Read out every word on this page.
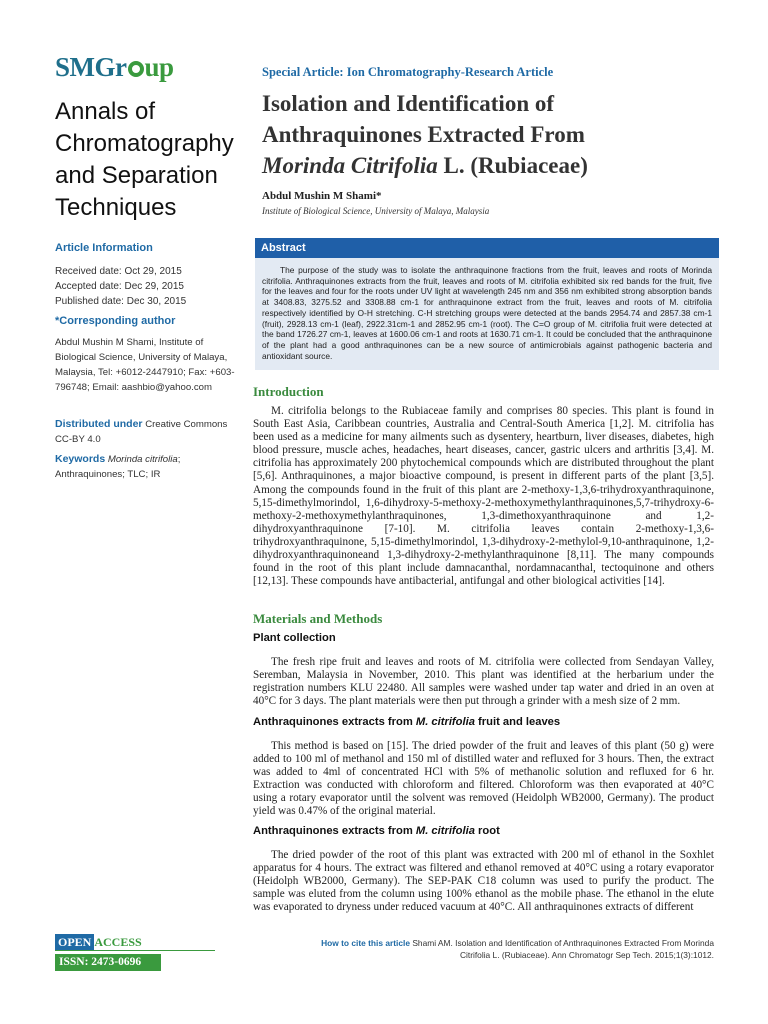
SMGr up
Annals of Chromatography and Separation Techniques
Article Information
Received date: Oct 29, 2015
Accepted date: Dec 29, 2015
Published date: Dec 30, 2015
*Corresponding author
Abdul Mushin M Shami, Institute of Biological Science, University of Malaya, Malaysia, Tel: +6012-2447910; Fax: +603-796748; Email: aashbio@yahoo.com
Distributed under Creative Commons CC-BY 4.0
Keywords Morinda citrifolia; Anthraquinones; TLC; IR
Special Article: Ion Chromatography-Research Article
Isolation and Identification of
Anthraquinones Extracted From
Morinda Citrifolia L. (Rubiaceae)
Abdul Mushin M Shami*
Institute of Biological Science, University of Malaya, Malaysia
Abstract
The purpose of the study was to isolate the anthraquinone fractions from the fruit, leaves and roots of Morinda citrifolia. Anthraquinones extracts from the fruit, leaves and roots of M. citrifolia exhibited six red bands for the fruit, five for the leaves and four for the roots under UV light at wavelength 245 nm and 356 nm exhibited strong absorption bands at 3408.83, 3275.52 and 3308.88 cm-1 for anthraquinone extract from the fruit, leaves and roots of M. citrifolia respectively identified by O-H stretching. C-H stretching groups were detected at the bands 2954.74 and 2857.38 cm-1 (fruit), 2928.13 cm-1 (leaf), 2922.31cm-1 and 2852.95 cm-1 (root). The C=O group of M. citrifolia fruit were detected at the band 1726.27 cm-1, leaves at 1600.06 cm-1 and roots at 1630.71 cm-1. It could be concluded that the anthraquinone of the plant had a good anthraquinones can be a new source of antimicrobials against pathogenic bacteria and antioxidant source.
Introduction
M. citrifolia belongs to the Rubiaceae family and comprises 80 species. This plant is found in South East Asia, Caribbean countries, Australia and Central-South America [1,2]. M. citrifolia has been used as a medicine for many ailments such as dysentery, heartburn, liver diseases, diabetes, high blood pressure, muscle aches, headaches, heart diseases, cancer, gastric ulcers and arthritis [3,4]. M. citrifolia has approximately 200 phytochemical compounds which are distributed throughout the plant [5,6]. Anthraquinones, a major bioactive compound, is present in different parts of the plant [3,5]. Among the compounds found in the fruit of this plant are 2-methoxy-1,3,6-trihydroxyanthraquinone, 5,15-dimethylmorindol, 1,6-dihydroxy-5-methoxy-2-methoxymethylanthraquinones,5,7-trihydroxy-6-methoxy-2-methoxymethylanthraquinones, 1,3-dimethoxyanthraquinone and 1,2-dihydroxyanthraquinone [7-10]. M. citrifolia leaves contain 2-methoxy-1,3,6-trihydroxyanthraquinone, 5,15-dimethylmorindol, 1,3-dihydroxy-2-methylol-9,10-anthraquinone, 1,2-dihydroxyanthraquinoneand 1,3-dihydroxy-2-methylanthraquinone [8,11]. The many compounds found in the root of this plant include damnacanthal, nordamnacanthal, tectoquinone and others [12,13]. These compounds have antibacterial, antifungal and other biological activities [14].
Materials and Methods
Plant collection
The fresh ripe fruit and leaves and roots of M. citrifolia were collected from Sendayan Valley, Seremban, Malaysia in November, 2010. This plant was identified at the herbarium under the registration numbers KLU 22480. All samples were washed under tap water and dried in an oven at 40°C for 3 days. The plant materials were then put through a grinder with a mesh size of 2 mm.
Anthraquinones extracts from M. citrifolia fruit and leaves
This method is based on [15]. The dried powder of the fruit and leaves of this plant (50 g) were added to 100 ml of methanol and 150 ml of distilled water and refluxed for 3 hours. Then, the extract was added to 4ml of concentrated HCl with 5% of methanolic solution and refluxed for 6 hr. Extraction was conducted with chloroform and filtered. Chloroform was then evaporated at 40°C using a rotary evaporator until the solvent was removed (Heidolph WB2000, Germany). The product yield was 0.47% of the original material.
Anthraquinones extracts from M. citrifolia root
The dried powder of the root of this plant was extracted with 200 ml of ethanol in the Soxhlet apparatus for 4 hours. The extract was filtered and ethanol removed at 40°C using a rotary evaporator (Heidolph WB2000, Germany). The SEP-PAK C18 column was used to purify the product. The sample was eluted from the column using 100% ethanol as the mobile phase. The ethanol in the elute was evaporated to dryness under reduced vacuum at 40°C. All anthraquinones extracts of different
OPEN ACCESS
ISSN: 2473-0696
How to cite this article Shami AM. Isolation and Identification of Anthraquinones Extracted From Morinda Citrifolia L. (Rubiaceae). Ann Chromatogr Sep Tech. 2015;1(3):1012.
